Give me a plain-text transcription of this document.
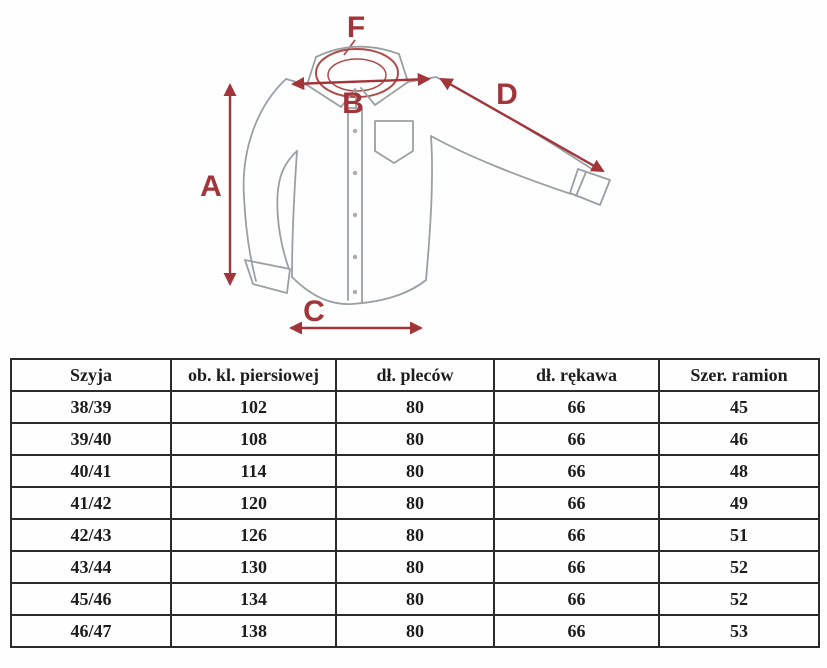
A
B
C
D
F
Szyja	ob. kl. piersiowej	dł. pleców	dł. rękawa	Szer. ramion
38/39	102	80	66	45
39/40	108	80	66	46
40/41	114	80	66	48
41/42	120	80	66	49
42/43	126	80	66	51
43/44	130	80	66	52
45/46	134	80	66	52
46/47	138	80	66	53
